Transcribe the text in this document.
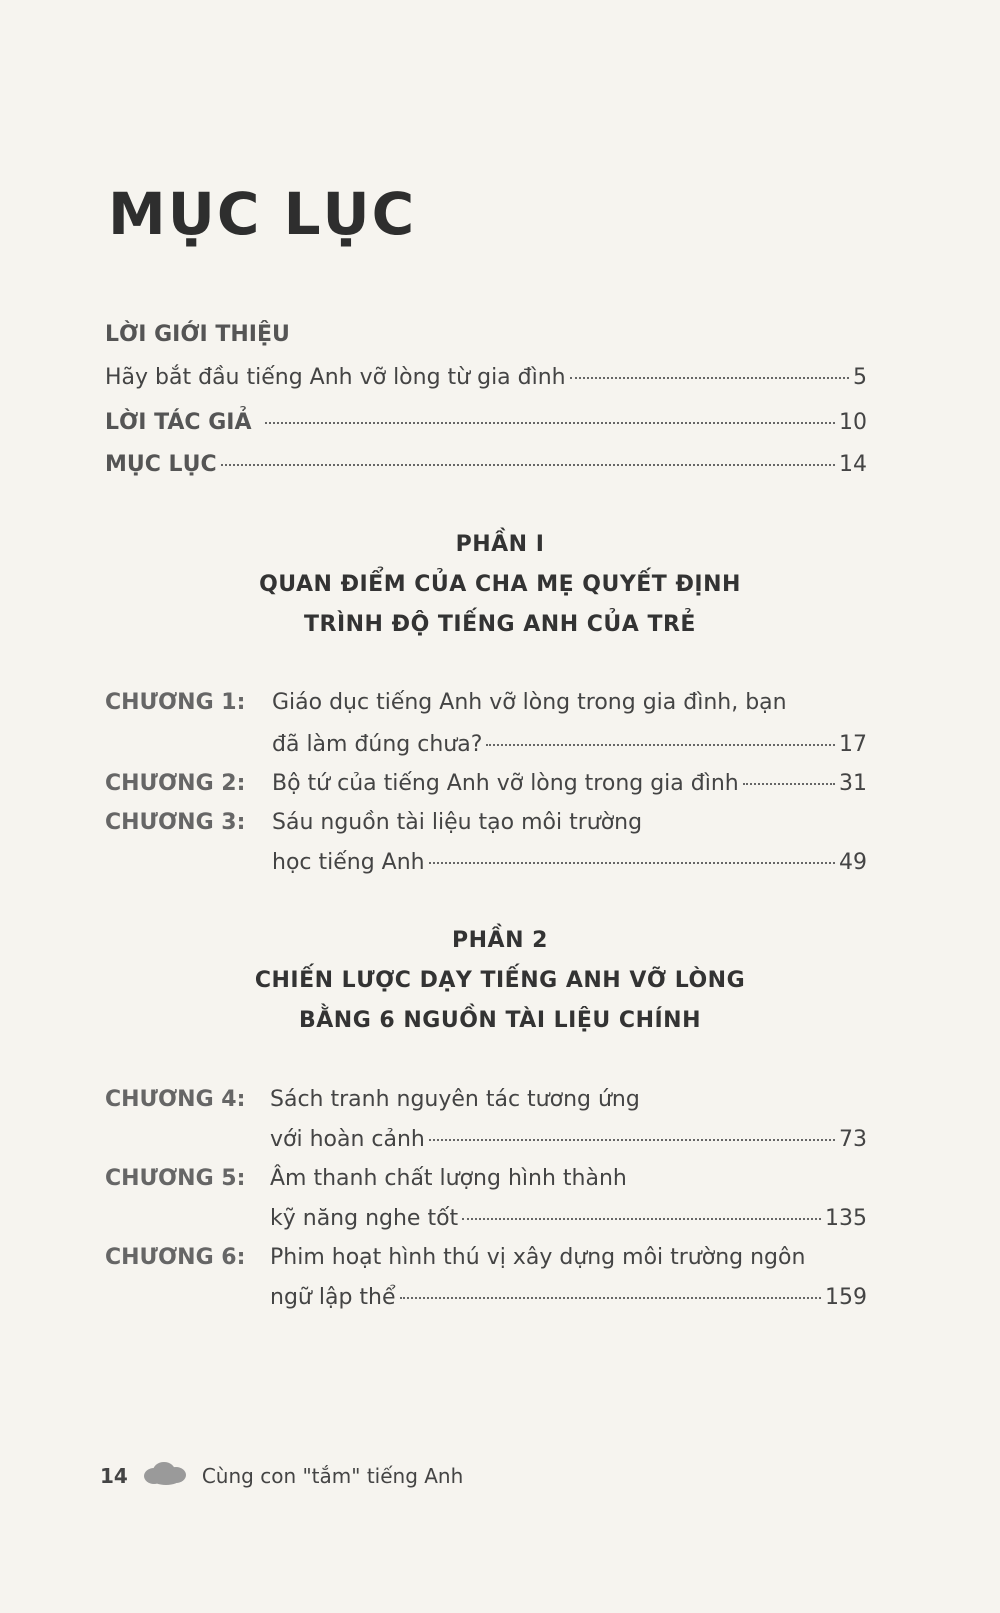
MỤC LỤC
LỜI GIỚI THIỆU
Hãy bắt đầu tiếng Anh vỡ lòng từ gia đình	5
LỜI TÁC GIẢ	10
MỤC LỤC	14
PHẦN I
QUAN ĐIỂM CỦA CHA MẸ QUYẾT ĐỊNH
TRÌNH ĐỘ TIẾNG ANH CỦA TRẺ
CHƯƠNG 1: Giáo dục tiếng Anh vỡ lòng trong gia đình, bạn
đã làm đúng chưa?	17
CHƯƠNG 2: Bộ tứ của tiếng Anh vỡ lòng trong gia đình	31
CHƯƠNG 3: Sáu nguồn tài liệu tạo môi trường
học tiếng Anh	49
PHẦN 2
CHIẾN LƯỢC DẠY TIẾNG ANH VỠ LÒNG
BẰNG 6 NGUỒN TÀI LIỆU CHÍNH
CHƯƠNG 4: Sách tranh nguyên tác tương ứng
với hoàn cảnh	73
CHƯƠNG 5: Âm thanh chất lượng hình thành
kỹ năng nghe tốt	135
CHƯƠNG 6: Phim hoạt hình thú vị xây dựng môi trường ngôn
ngữ lập thể	159
14	Cùng con "tắm" tiếng Anh
